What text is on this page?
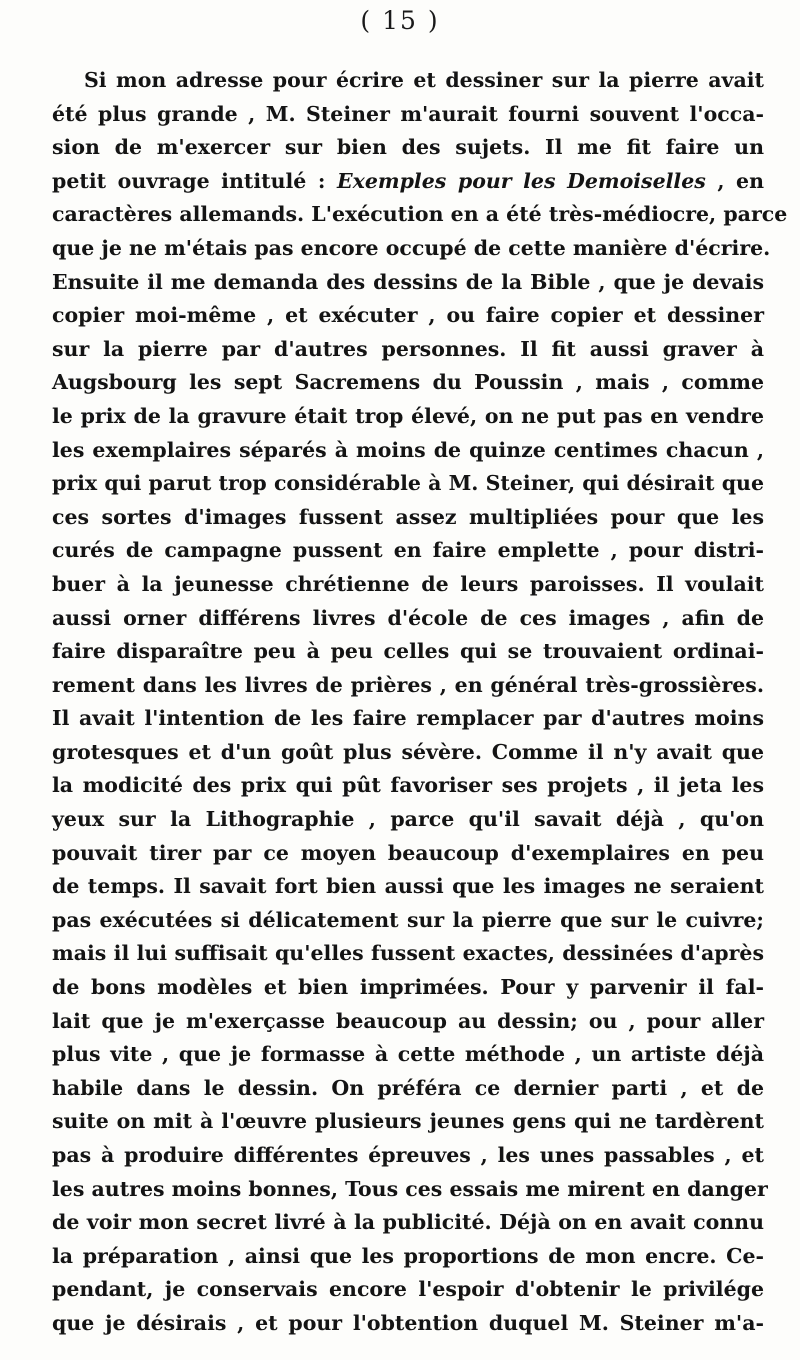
( 15 )
Si mon adresse pour écrire et dessiner sur la pierre avait
été plus grande , M. Steiner m'aurait fourni souvent l'occa-
sion de m'exercer sur bien des sujets. Il me fit faire un
petit ouvrage intitulé : Exemples pour les Demoiselles , en
caractères allemands. L'exécution en a été très-médiocre, parce
que je ne m'étais pas encore occupé de cette manière d'écrire.
Ensuite il me demanda des dessins de la Bible , que je devais
copier moi-même , et exécuter , ou faire copier et dessiner
sur la pierre par d'autres personnes. Il fit aussi graver à
Augsbourg les sept Sacremens du Poussin , mais , comme
le prix de la gravure était trop élevé, on ne put pas en vendre
les exemplaires séparés à moins de quinze centimes chacun ,
prix qui parut trop considérable à M. Steiner, qui désirait que
ces sortes d'images fussent assez multipliées pour que les
curés de campagne pussent en faire emplette , pour distri-
buer à la jeunesse chrétienne de leurs paroisses. Il voulait
aussi orner différens livres d'école de ces images , afin de
faire disparaître peu à peu celles qui se trouvaient ordinai-
rement dans les livres de prières , en général très-grossières.
Il avait l'intention de les faire remplacer par d'autres moins
grotesques et d'un goût plus sévère. Comme il n'y avait que
la modicité des prix qui pût favoriser ses projets , il jeta les
yeux sur la Lithographie , parce qu'il savait déjà , qu'on
pouvait tirer par ce moyen beaucoup d'exemplaires en peu
de temps. Il savait fort bien aussi que les images ne seraient
pas exécutées si délicatement sur la pierre que sur le cuivre;
mais il lui suffisait qu'elles fussent exactes, dessinées d'après
de bons modèles et bien imprimées. Pour y parvenir il fal-
lait que je m'exerçasse beaucoup au dessin; ou , pour aller
plus vite , que je formasse à cette méthode , un artiste déjà
habile dans le dessin. On préféra ce dernier parti , et de
suite on mit à l'œuvre plusieurs jeunes gens qui ne tardèrent
pas à produire différentes épreuves , les unes passables , et
les autres moins bonnes, Tous ces essais me mirent en danger
de voir mon secret livré à la publicité. Déjà on en avait connu
la préparation , ainsi que les proportions de mon encre. Ce-
pendant, je conservais encore l'espoir d'obtenir le privilége
que je désirais , et pour l'obtention duquel M. Steiner m'a-
